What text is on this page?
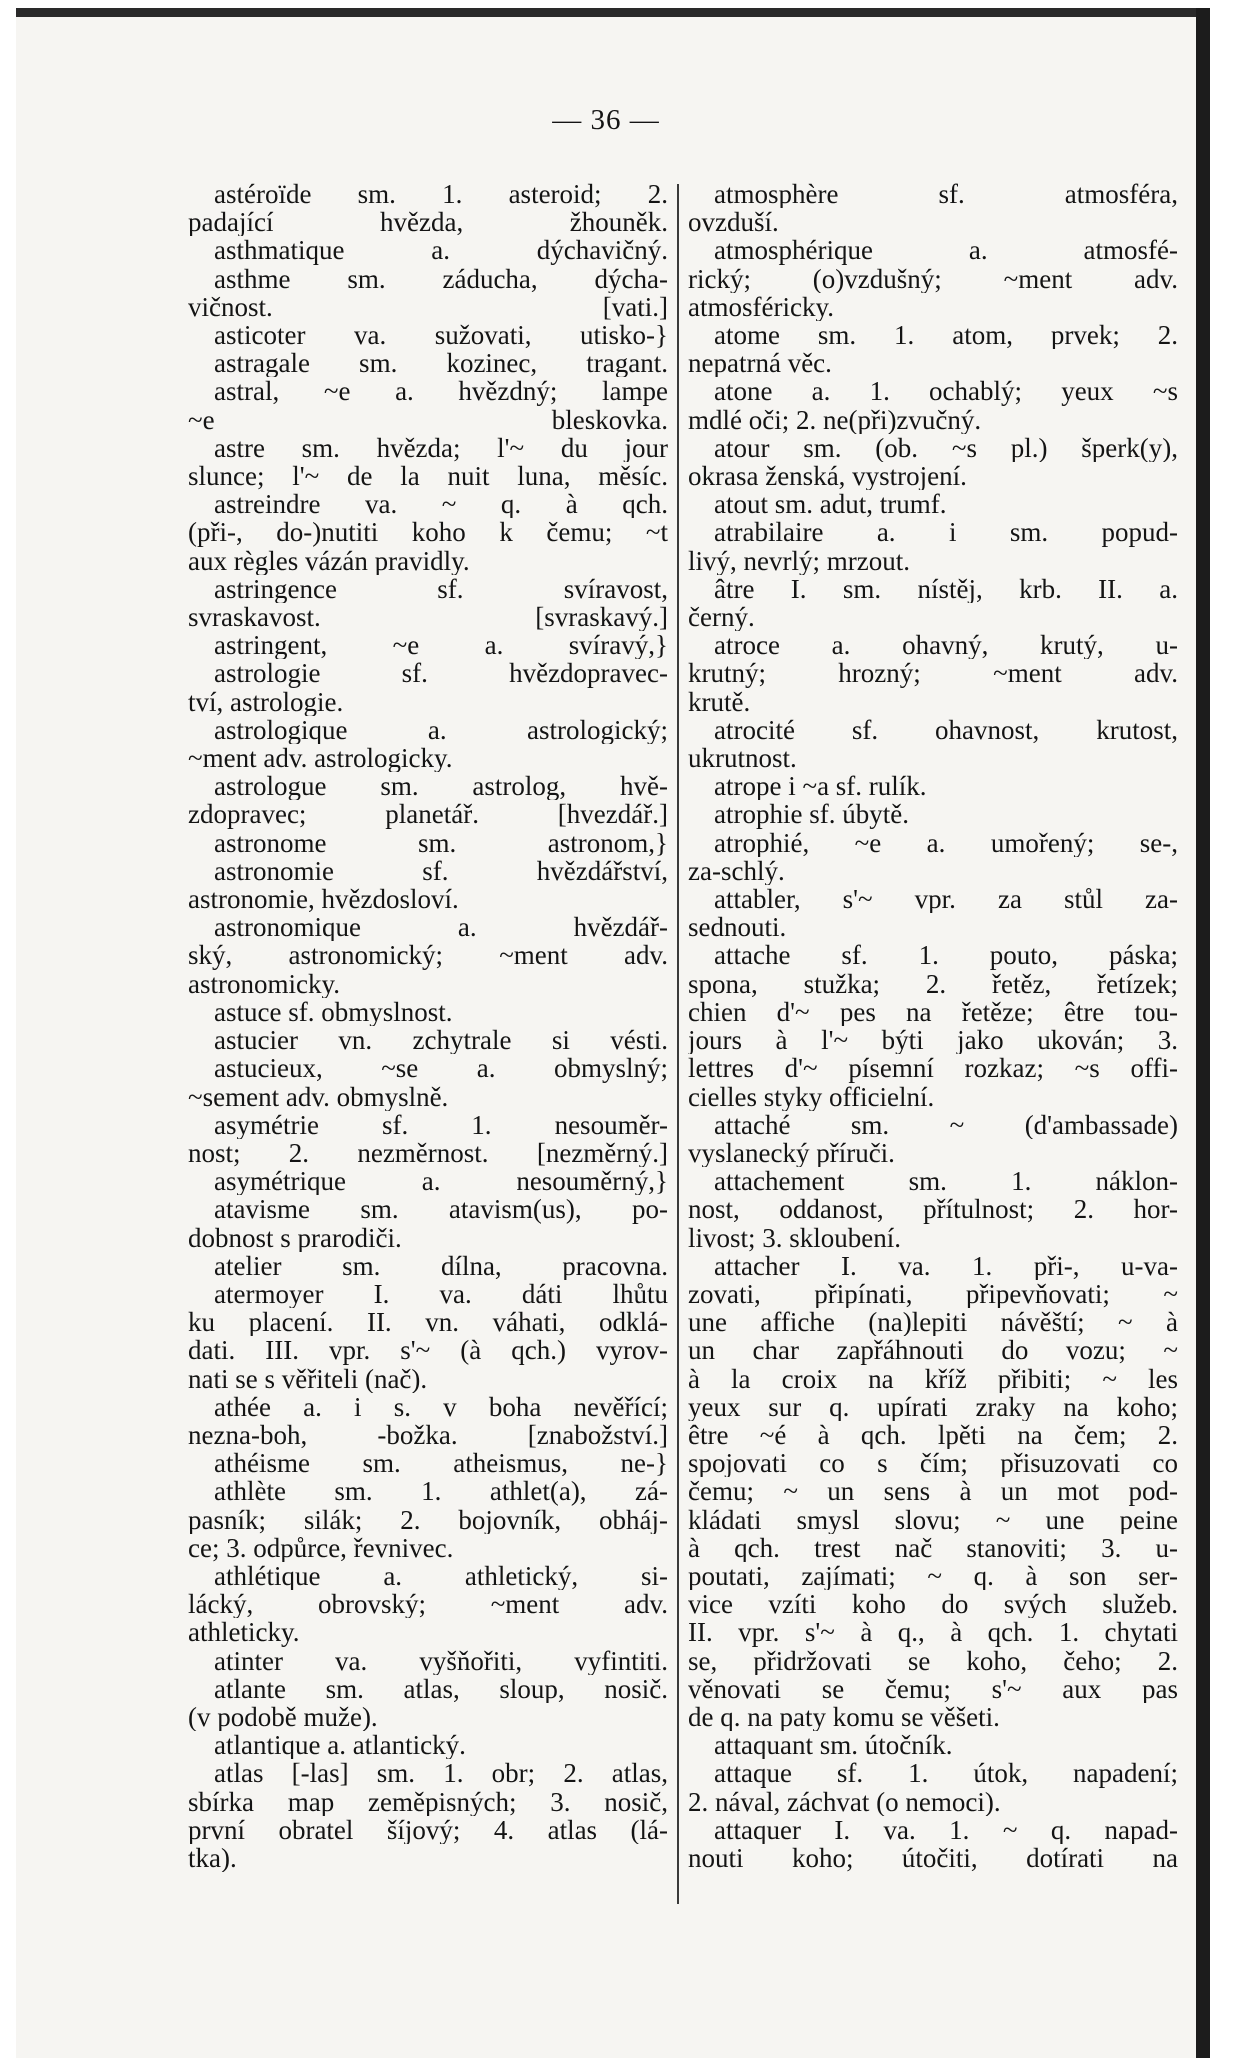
— 36 —
astéroïde sm. 1. asteroid; 2.
padající hvězda, žhouněk.
asthmatique a. dýchavičný.
asthme sm. záducha, dýcha-
vičnost. [vati.]
asticoter va. sužovati, utisko-}
astragale sm. kozinec, tragant.
astral, ~e a. hvězdný; lampe
~e bleskovka.
astre sm. hvězda; l'~ du jour
slunce; l'~ de la nuit luna, měsíc.
astreindre va. ~ q. à qch.
(při-, do-)nutiti koho k čemu; ~t
aux règles vázán pravidly.
astringence sf. svíravost,
svraskavost. [svraskavý.]
astringent, ~e a. svíravý,}
astrologie sf. hvězdopravec-
tví, astrologie.
astrologique a. astrologický;
~ment adv. astrologicky.
astrologue sm. astrolog, hvě-
zdopravec; planetář. [hvezdář.]
astronome sm. astronom,}
astronomie sf. hvězdářství,
astronomie, hvězdosloví.
astronomique a. hvězdář-
ský, astronomický; ~ment adv.
astronomicky.
astuce sf. obmyslnost.
astucier vn. zchytrale si vésti.
astucieux, ~se a. obmyslný;
~sement adv. obmyslně.
asymétrie sf. 1. nesouměr-
nost; 2. nezměrnost. [nezměrný.]
asymétrique a. nesouměrný,}
atavisme sm. atavism(us), po-
dobnost s prarodiči.
atelier sm. dílna, pracovna.
atermoyer I. va. dáti lhůtu
ku placení. II. vn. váhati, odklá-
dati. III. vpr. s'~ (à qch.) vyrov-
nati se s věřiteli (nač).
athée a. i s. v boha nevěřící;
nezna-boh, -božka. [znabožství.]
athéisme sm. atheismus, ne-}
athlète sm. 1. athlet(a), zá-
pasník; silák; 2. bojovník, obháj-
ce; 3. odpůrce, řevnivec.
athlétique a. athletický, si-
lácký, obrovský; ~ment adv.
athleticky.
atinter va. vyšňořiti, vyfintiti.
atlante sm. atlas, sloup, nosič.
(v podobě muže).
atlantique a. atlantický.
atlas [-las] sm. 1. obr; 2. atlas,
sbírka map zeměpisných; 3. nosič,
první obratel šíjový; 4. atlas (lá-
tka).
atmosphère sf. atmosféra,
ovzduší.
atmosphérique a. atmosfé-
rický; (o)vzdušný; ~ment adv.
atmosféricky.
atome sm. 1. atom, prvek; 2.
nepatrná věc.
atone a. 1. ochablý; yeux ~s
mdlé oči; 2. ne(při)zvučný.
atour sm. (ob. ~s pl.) šperk(y),
okrasa ženská, vystrojení.
atout sm. adut, trumf.
atrabilaire a. i sm. popud-
livý, nevrlý; mrzout.
âtre I. sm. nístěj, krb. II. a.
černý.
atroce a. ohavný, krutý, u-
krutný; hrozný; ~ment adv.
krutě.
atrocité sf. ohavnost, krutost,
ukrutnost.
atrope i ~a sf. rulík.
atrophie sf. úbytě.
atrophié, ~e a. umořený; se-,
za-schlý.
attabler, s'~ vpr. za stůl za-
sednouti.
attache sf. 1. pouto, páska;
spona, stužka; 2. řetěz, řetízek;
chien d'~ pes na řetěze; être tou-
jours à l'~ býti jako ukován; 3.
lettres d'~ písemní rozkaz; ~s offi-
cielles styky officielní.
attaché sm. ~ (d'ambassade)
vyslanecký příruči.
attachement sm. 1. náklon-
nost, oddanost, přítulnost; 2. hor-
livost; 3. skloubení.
attacher I. va. 1. při-, u-va-
zovati, připínati, připevňovati; ~
une affiche (na)lepiti návěští; ~ à
un char zapřáhnouti do vozu; ~
à la croix na kříž přibiti; ~ les
yeux sur q. upírati zraky na koho;
être ~é à qch. lpěti na čem; 2.
spojovati co s čím; přisuzovati co
čemu; ~ un sens à un mot pod-
kládati smysl slovu; ~ une peine
à qch. trest nač stanoviti; 3. u-
poutati, zajímati; ~ q. à son ser-
vice vzíti koho do svých služeb.
II. vpr. s'~ à q., à qch. 1. chytati
se, přidržovati se koho, čeho; 2.
věnovati se čemu; s'~ aux pas
de q. na paty komu se věšeti.
attaquant sm. útočník.
attaque sf. 1. útok, napadení;
2. nával, záchvat (o nemoci).
attaquer I. va. 1. ~ q. napad-
nouti koho; útočiti, dotírati na
